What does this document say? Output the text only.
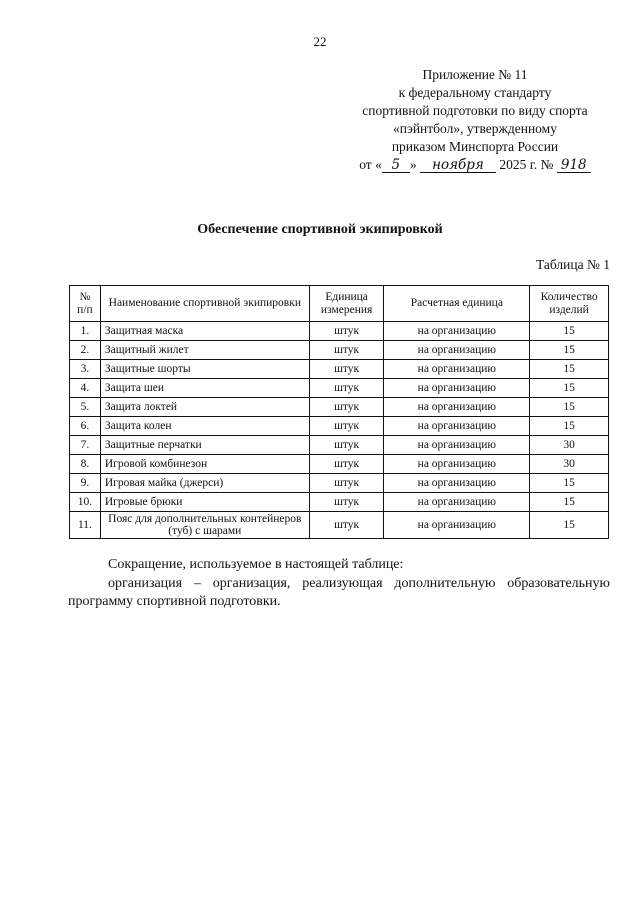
22
Приложение № 11
к федеральному стандарту
спортивной подготовки по виду спорта
«пэйнтбол», утвержденному
приказом Минспорта России
от « 5 » ноября 2025 г. № 918
Обеспечение спортивной экипировкой
Таблица № 1
№ п/п	Наименование спортивной экипировки	Единица измерения	Расчетная единица	Количество изделий
1.	Защитная маска	штук	на организацию	15
2.	Защитный жилет	штук	на организацию	15
3.	Защитные шорты	штук	на организацию	15
4.	Защита шеи	штук	на организацию	15
5.	Защита локтей	штук	на организацию	15
6.	Защита колен	штук	на организацию	15
7.	Защитные перчатки	штук	на организацию	30
8.	Игровой комбинезон	штук	на организацию	30
9.	Игровая майка (джерси)	штук	на организацию	15
10.	Игровые брюки	штук	на организацию	15
11.	Пояс для дополнительных контейнеров (туб) с шарами	штук	на организацию	15
Сокращение, используемое в настоящей таблице:
организация – организация, реализующая дополнительную образовательную программу спортивной подготовки.
